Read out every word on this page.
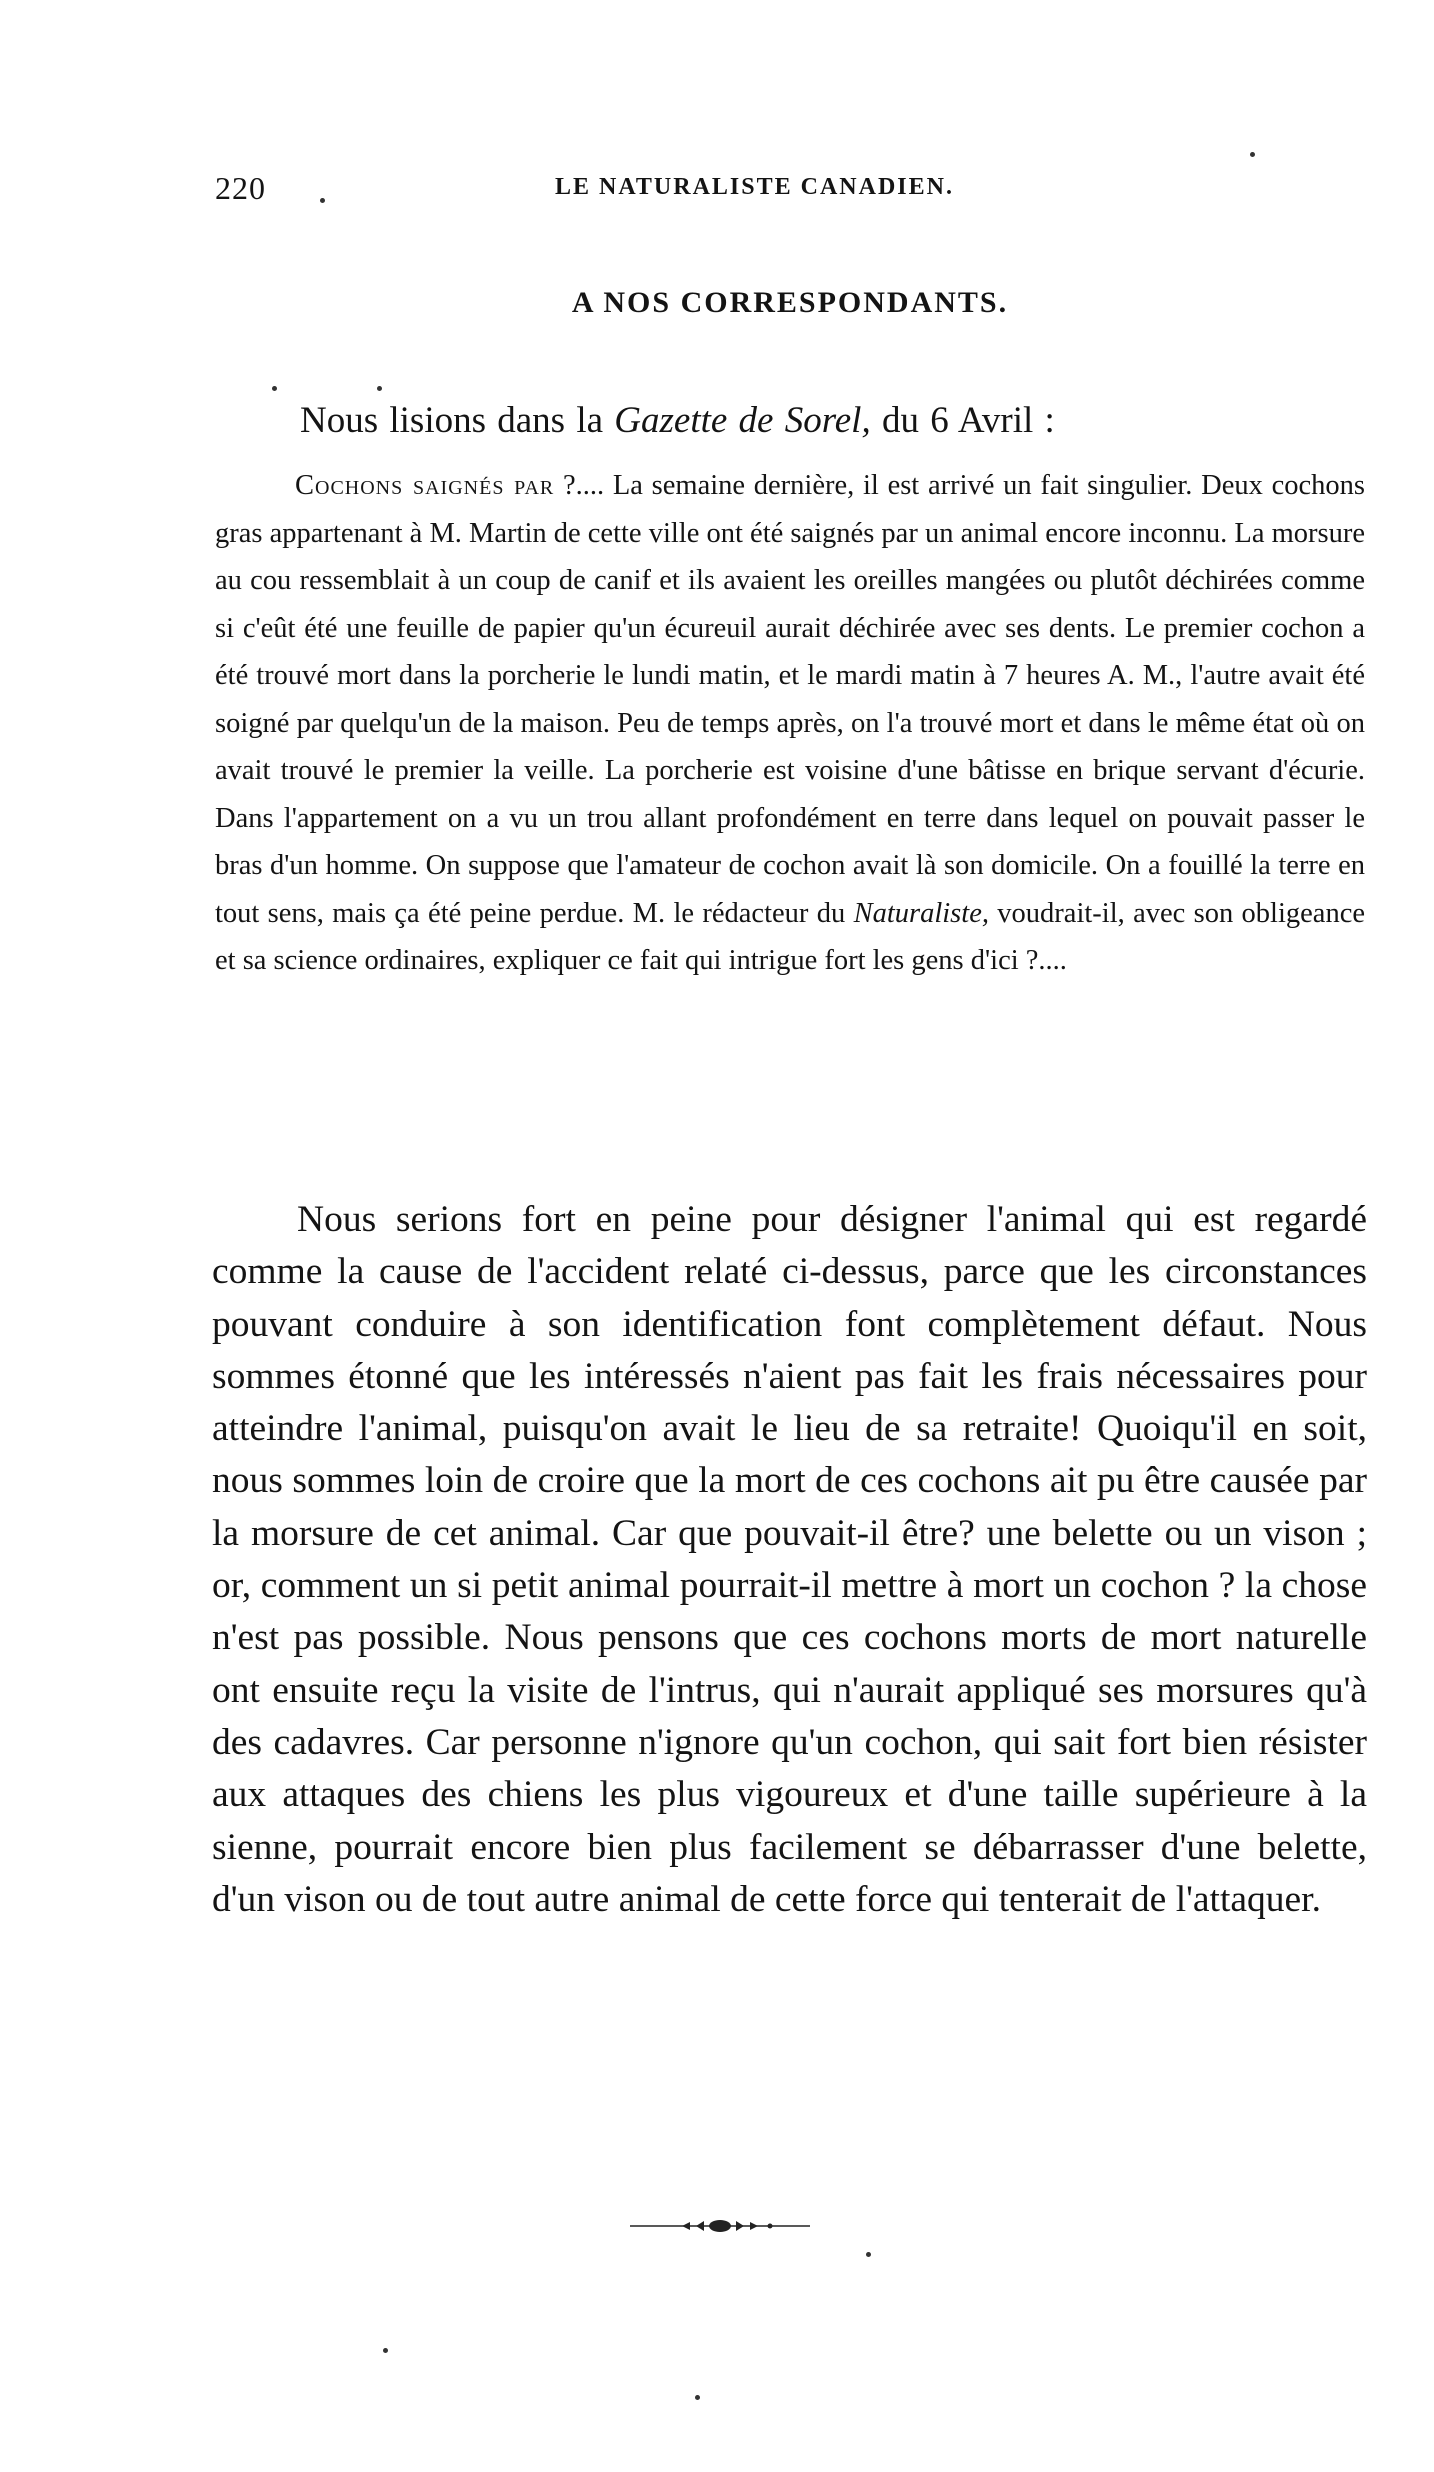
220	LE NATURALISTE CANADIEN.
A NOS CORRESPONDANTS.

Nous lisions dans la Gazette de Sorel, du 6 Avril :

Cochons saignés par ?.... La semaine dernière, il est arrivé un fait singulier. Deux cochons gras appartenant à M. Martin de cette ville ont été saignés par un animal encore inconnu. La morsure au cou ressemblait à un coup de canif et ils avaient les oreilles mangées ou plutôt déchirées comme si c'eût été une feuille de papier qu'un écureuil aurait déchirée avec ses dents. Le premier cochon a été trouvé mort dans la porcherie le lundi matin, et le mardi matin à 7 heures A. M., l'autre avait été soigné par quelqu'un de la maison. Peu de temps après, on l'a trouvé mort et dans le même état où on avait trouvé le premier la veille. La porcherie est voisine d'une bâtisse en brique servant d'écurie. Dans l'appartement on a vu un trou allant profondément en terre dans lequel on pouvait passer le bras d'un homme. On suppose que l'amateur de cochon avait là son domicile. On a fouillé la terre en tout sens, mais ça été peine perdue. M. le rédacteur du Naturaliste, voudrait-il, avec son obligeance et sa science ordinaires, expliquer ce fait qui intrigue fort les gens d'ici ?....

Nous serions fort en peine pour désigner l'animal qui est regardé comme la cause de l'accident relaté ci-dessus, parce que les circonstances pouvant conduire à son identification font complètement défaut. Nous sommes étonné que les intéressés n'aient pas fait les frais nécessaires pour atteindre l'animal, puisqu'on avait le lieu de sa retraite! Quoiqu'il en soit, nous sommes loin de croire que la mort de ces cochons ait pu être causée par la morsure de cet animal. Car que pouvait-il être? une belette ou un vison ; or, comment un si petit animal pourrait-il mettre à mort un cochon ? la chose n'est pas possible. Nous pensons que ces cochons morts de mort naturelle ont ensuite reçu la visite de l'intrus, qui n'aurait appliqué ses morsures qu'à des cadavres. Car personne n'ignore qu'un cochon, qui sait fort bien résister aux attaques des chiens les plus vigoureux et d'une taille supérieure à la sienne, pourrait encore bien plus facilement se débarrasser d'une belette, d'un vison ou de tout autre animal de cette force qui tenterait de l'attaquer.
